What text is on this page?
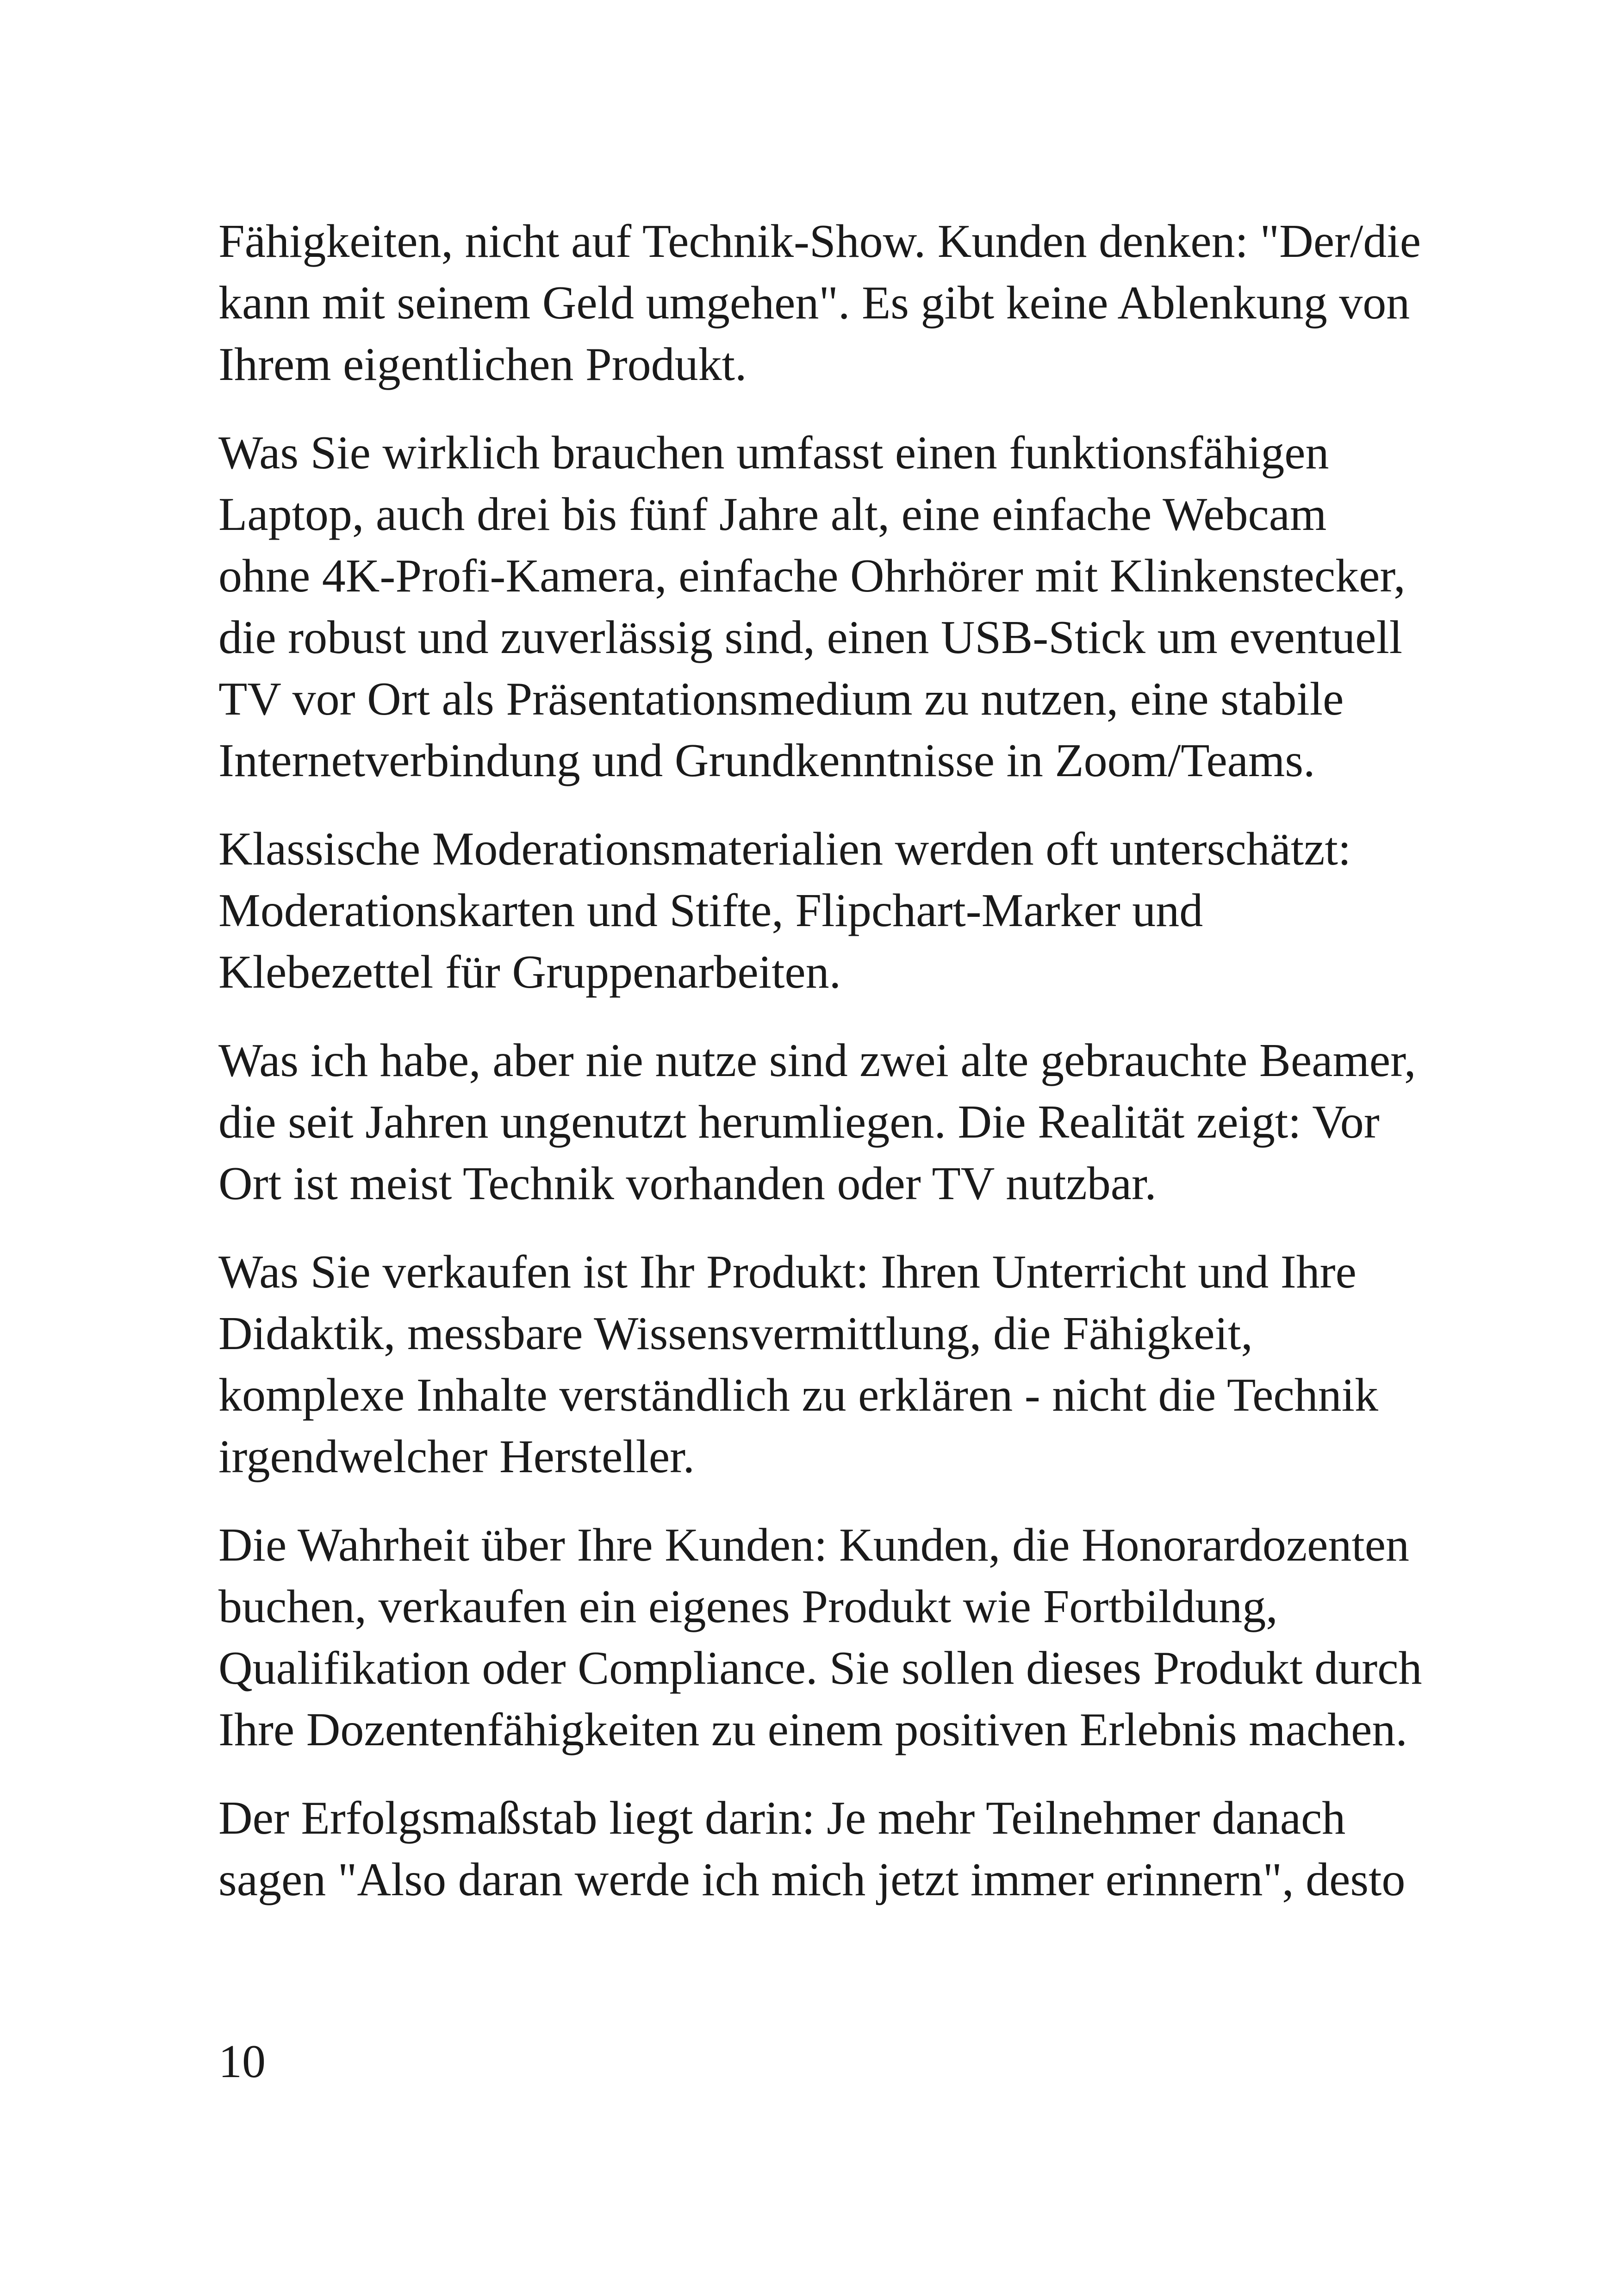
Fähigkeiten, nicht auf Technik-Show. Kunden denken: "Der/die
kann mit seinem Geld umgehen". Es gibt keine Ablenkung von
Ihrem eigentlichen Produkt.

Was Sie wirklich brauchen umfasst einen funktionsfähigen
Laptop, auch drei bis fünf Jahre alt, eine einfache Webcam
ohne 4K-Profi-Kamera, einfache Ohrhörer mit Klinkenstecker,
die robust und zuverlässig sind, einen USB-Stick um eventuell
TV vor Ort als Präsentationsmedium zu nutzen, eine stabile
Internetverbindung und Grundkenntnisse in Zoom/Teams.

Klassische Moderationsmaterialien werden oft unterschätzt:
Moderationskarten und Stifte, Flipchart-Marker und
Klebezettel für Gruppenarbeiten.

Was ich habe, aber nie nutze sind zwei alte gebrauchte Beamer,
die seit Jahren ungenutzt herumliegen. Die Realität zeigt: Vor
Ort ist meist Technik vorhanden oder TV nutzbar.

Was Sie verkaufen ist Ihr Produkt: Ihren Unterricht und Ihre
Didaktik, messbare Wissensvermittlung, die Fähigkeit,
komplexe Inhalte verständlich zu erklären - nicht die Technik
irgendwelcher Hersteller.

Die Wahrheit über Ihre Kunden: Kunden, die Honorardozenten
buchen, verkaufen ein eigenes Produkt wie Fortbildung,
Qualifikation oder Compliance. Sie sollen dieses Produkt durch
Ihre Dozentenfähigkeiten zu einem positiven Erlebnis machen.

Der Erfolgsmaßstab liegt darin: Je mehr Teilnehmer danach
sagen "Also daran werde ich mich jetzt immer erinnern", desto

10
